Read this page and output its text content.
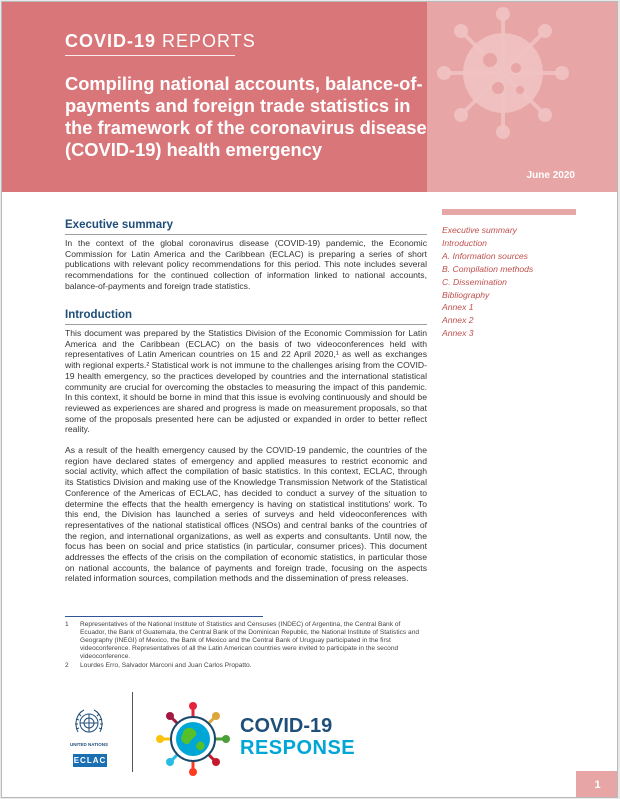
COVID-19 REPORTS
Compiling national accounts, balance-of-payments and foreign trade statistics in the framework of the coronavirus disease (COVID-19) health emergency
June 2020
Executive summary
In the context of the global coronavirus disease (COVID-19) pandemic, the Economic Commission for Latin America and the Caribbean (ECLAC) is preparing a series of short publications with relevant policy recommendations for this period. This note includes several recommendations for the continued collection of information linked to national accounts, balance-of-payments and foreign trade statistics.
Introduction
This document was prepared by the Statistics Division of the Economic Commission for Latin America and the Caribbean (ECLAC) on the basis of two videoconferences held with representatives of Latin American countries on 15 and 22 April 2020,¹ as well as exchanges with regional experts.² Statistical work is not immune to the challenges arising from the COVID-19 health emergency, so the practices developed by countries and the international statistical community are crucial for overcoming the obstacles to measuring the impact of this pandemic. In this context, it should be borne in mind that this issue is evolving continuously and should be reviewed as experiences are shared and progress is made on measurement proposals, so that some of the proposals presented here can be adjusted or expanded in order to better reflect reality.
As a result of the health emergency caused by the COVID-19 pandemic, the countries of the region have declared states of emergency and applied measures to restrict economic and social activity, which affect the compilation of basic statistics. In this context, ECLAC, through its Statistics Division and making use of the Knowledge Transmission Network of the Statistical Conference of the Americas of ECLAC, has decided to conduct a survey of the situation to determine the effects that the health emergency is having on statistical institutions' work. To this end, the Division has launched a series of surveys and held videoconferences with representatives of the national statistical offices (NSOs) and central banks of the countries of the region, and international organizations, as well as experts and consultants. Until now, the focus has been on social and price statistics (in particular, consumer prices). This document addresses the effects of the crisis on the compilation of economic statistics, in particular those on national accounts, the balance of payments and foreign trade, focusing on the aspects related information sources, compilation methods and the dissemination of press releases.
Executive summary
Introduction
A. Information sources
B. Compilation methods
C. Dissemination
Bibliography
Annex 1
Annex 2
Annex 3
1 Representatives of the National Institute of Statistics and Censuses (INDEC) of Argentina, the Central Bank of Ecuador, the Bank of Guatemala, the Central Bank of the Dominican Republic, the National Institute of Statistics and Geography (INEGI) of Mexico, the Bank of Mexico and the Central Bank of Uruguay participated in the first videoconference. Representatives of all the Latin American countries were invited to participate in the second videoconference.
2 Lourdes Erro, Salvador Marconi and Juan Carlos Propatto.
UNITED NATIONS
ECLAC
COVID-19
RESPONSE
1
